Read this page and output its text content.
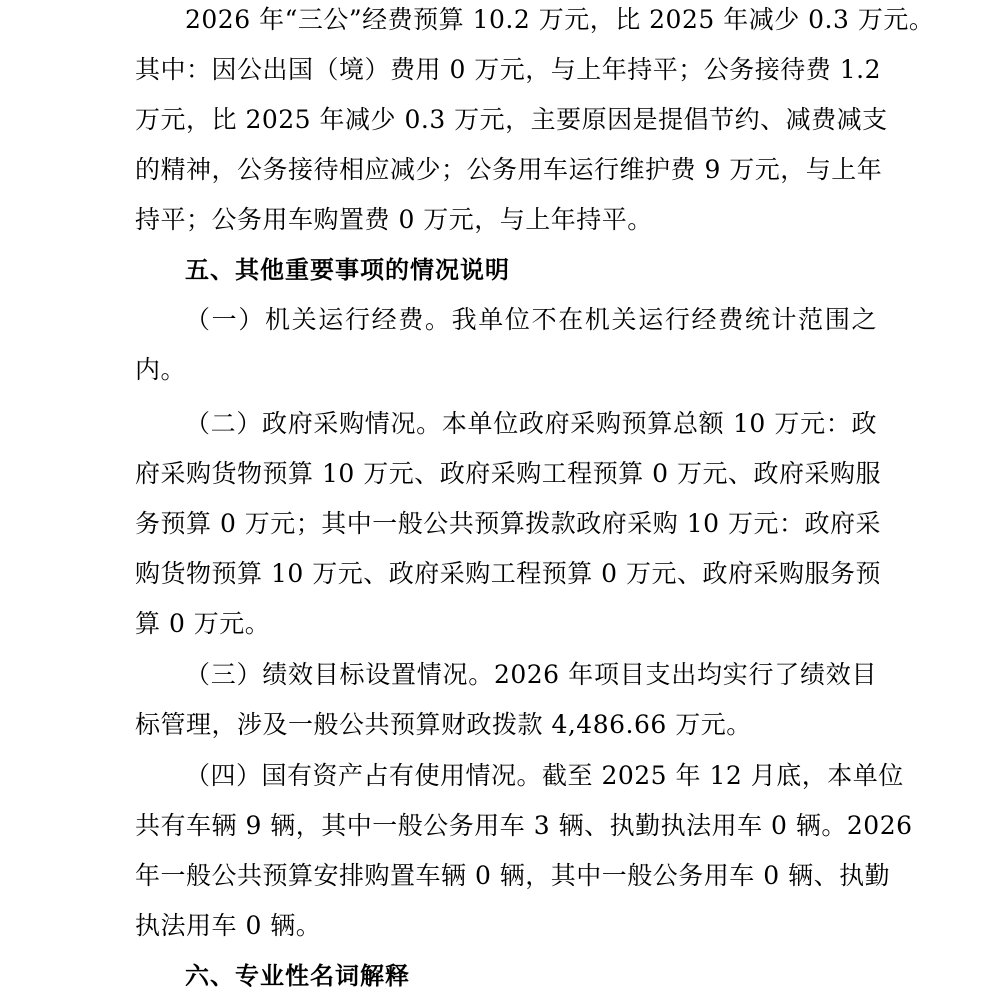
2026 年“三公”经费预算 10.2 万元，比 2025 年减少 0.3 万元。
其中：因公出国（境）费用 0 万元，与上年持平；公务接待费 1.2
万元，比 2025 年减少 0.3 万元，主要原因是提倡节约、减费减支
的精神，公务接待相应减少；公务用车运行维护费 9 万元，与上年
持平；公务用车购置费 0 万元，与上年持平。
五、其他重要事项的情况说明
（一）机关运行经费。我单位不在机关运行经费统计范围之
内。
（二）政府采购情况。本单位政府采购预算总额 10 万元：政
府采购货物预算 10 万元、政府采购工程预算 0 万元、政府采购服
务预算 0 万元；其中一般公共预算拨款政府采购 10 万元：政府采
购货物预算 10 万元、政府采购工程预算 0 万元、政府采购服务预
算 0 万元。
（三）绩效目标设置情况。2026 年项目支出均实行了绩效目
标管理，涉及一般公共预算财政拨款 4,486.66 万元。
（四）国有资产占有使用情况。截至 2025 年 12 月底，本单位
共有车辆 9 辆，其中一般公务用车 3 辆、执勤执法用车 0 辆。2026
年一般公共预算安排购置车辆 0 辆，其中一般公务用车 0 辆、执勤
执法用车 0 辆。
六、专业性名词解释
